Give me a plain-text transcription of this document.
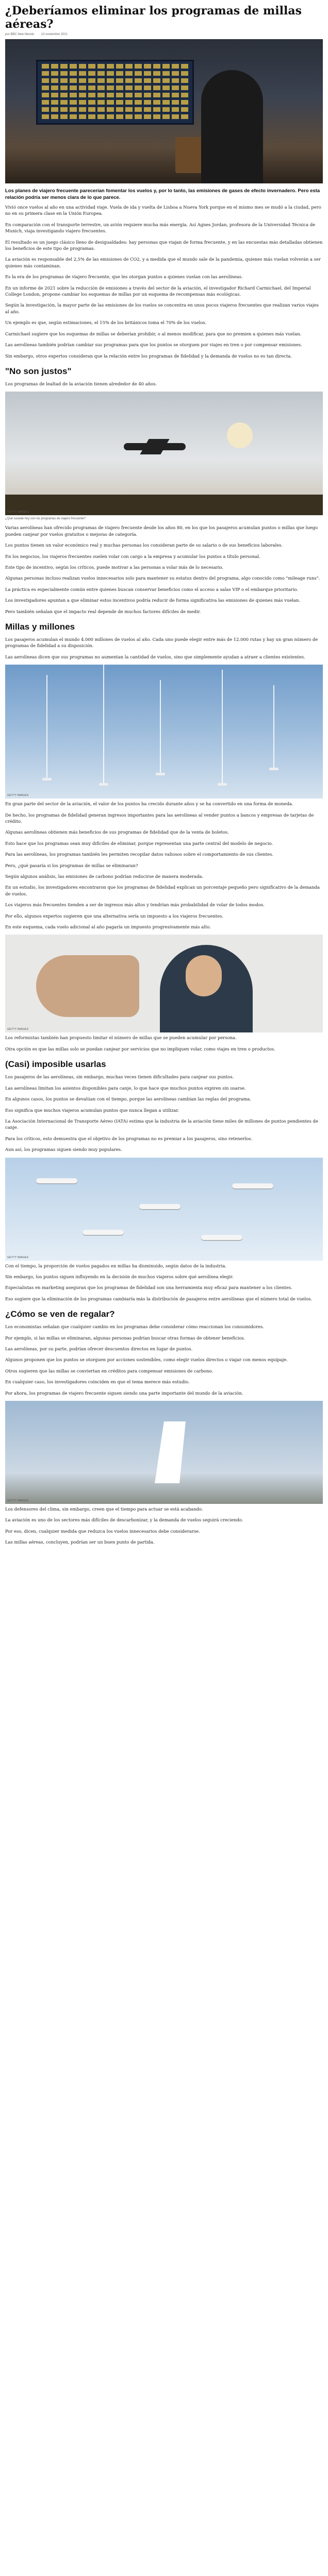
¿Deberíamos eliminar los programas de millas aéreas?
por BBC New Mundo · 13 noviembre 2021
Los planes de viajero frecuente parecerían fomentar los vuelos y, por lo tanto, las emisiones de gases de efecto invernadero. Pero esta relación podría ser menos clara de lo que parece.

Vivió once vuelos al año en una actividad viaje. Vuela de ida y vuelta de Lisboa a Nueva York porque en el mismo mes se mudó a la ciudad, pero no en su primera clase en la Unión Europea.

En comparación con el transporte terrestre, un avión requiere mucha más energía. Así Agnes Jordan, profesora de la Universidad Técnica de Munich, viaja investigando viajero frecuentes.

El resultado es un juego clásico lleno de desigualdades: hay personas que viajan de forma frecuente, y en las encuestas más detalladas obtienen los beneficios de este tipo de programas.

La aviación es responsable del 2,5% de las emisiones de CO2, y a medida que el mundo sale de la pandemia, quienes más vuelan volverán a ser quienes más contaminan.

Es la era de los programas de viajero frecuente, que les otorgan puntos a quienes vuelan con las aerolíneas.

En un informe de 2021 sobre la reducción de emisiones a través del sector de la aviación, el investigador Richard Carmichael, del Imperial College London, propone cambiar los esquemas de millas por un esquema de recompensas más ecológicas.

Según la investigación, la mayor parte de las emisiones de los vuelos se concentra en unos pocos viajeros frecuentes que realizan varios viajes al año.

Un ejemplo es que, según estimaciones, el 15% de los británicos toma el 70% de los vuelos.

Carmichael sugiere que los esquemas de millas se deberían prohibir, o al menos modificar, para que no premien a quienes más vuelan.

Las aerolíneas también podrían cambiar sus programas para que los puntos se otorguen por viajes en tren o por compensar emisiones.

Sin embargo, otros expertos consideran que la relación entre los programas de fidelidad y la demanda de vuelos no es tan directa.

"No son justos"

Los programas de lealtad de la aviación tienen alrededor de 40 años.

GETTY IMAGES
¿Qué sucede hoy con los programas de viajero frecuente?

Varias aerolíneas han ofrecido programas de viajero frecuente desde los años 80, en los que los pasajeros acumulan puntos o millas que luego pueden canjear por vuelos gratuitos o mejoras de categoría.

Los puntos tienen un valor económico real y muchas personas los consideran parte de su salario o de sus beneficios laborales.

En los negocios, los viajeros frecuentes suelen volar con cargo a la empresa y acumular los puntos a título personal.

Este tipo de incentivo, según los críticos, puede motivar a las personas a volar más de lo necesario.

Algunas personas incluso realizan vuelos innecesarios solo para mantener su estatus dentro del programa, algo conocido como "mileage runs".

La práctica es especialmente común entre quienes buscan conservar beneficios como el acceso a salas VIP o el embarque prioritario.

Los investigadores apuntan a que eliminar estos incentivos podría reducir de forma significativa las emisiones de quienes más vuelan.

Pero también señalan que el impacto real depende de muchos factores difíciles de medir.

Millas y millones

Los pasajeros acumulan el mundo 4.000 millones de vuelos al año. Cada uno puede elegir entre más de 12.000 rutas y hay un gran número de programas de fidelidad a su disposición.

Las aerolíneas dicen que sus programas no aumentan la cantidad de vuelos, sino que simplemente ayudan a atraer a clientes existentes.

GETTY IMAGES

En gran parte del sector de la aviación, el valor de los puntos ha crecido durante años y se ha convertido en una forma de moneda.

De hecho, los programas de fidelidad generan ingresos importantes para las aerolíneas al vender puntos a bancos y empresas de tarjetas de crédito.

Algunas aerolíneas obtienen más beneficios de sus programas de fidelidad que de la venta de boletos.

Esto hace que los programas sean muy difíciles de eliminar, porque representan una parte central del modelo de negocio.

Para las aerolíneas, los programas también les permiten recopilar datos valiosos sobre el comportamiento de sus clientes.

Pero, ¿qué pasaría si los programas de millas se eliminaran?

Según algunos análisis, las emisiones de carbono podrían reducirse de manera moderada.

En un estudio, los investigadores encontraron que los programas de fidelidad explican un porcentaje pequeño pero significativo de la demanda de vuelos.

Los viajeros más frecuentes tienden a ser de ingresos más altos y tendrían más probabilidad de volar de todos modos.

Por ello, algunos expertos sugieren que una alternativa sería un impuesto a los viajeros frecuentes.

En este esquema, cada vuelo adicional al año pagaría un impuesto progresivamente más alto.

GETTY IMAGES

Los reformistas también han propuesto limitar el número de millas que se pueden acumular por persona.

Otra opción es que las millas solo se puedan canjear por servicios que no impliquen volar, como viajes en tren o productos.

(Casi) imposible usarlas

Los pasajeros de las aerolíneas, sin embargo, muchas veces tienen dificultades para canjear sus puntos.

Las aerolíneas limitan los asientos disponibles para canje, lo que hace que muchos puntos expiren sin usarse.

En algunos casos, los puntos se devalúan con el tiempo, porque las aerolíneas cambian las reglas del programa.

Eso significa que muchos viajeros acumulan puntos que nunca llegan a utilizar.

La Asociación Internacional de Transporte Aéreo (IATA) estima que la industria de la aviación tiene miles de millones de puntos pendientes de canje.

Para los críticos, esto demuestra que el objetivo de los programas no es premiar a los pasajeros, sino retenerlos.

Aun así, los programas siguen siendo muy populares.

GETTY IMAGES

Con el tiempo, la proporción de vuelos pagados en millas ha disminuido, según datos de la industria.

Sin embargo, los puntos siguen influyendo en la decisión de muchos viajeros sobre qué aerolínea elegir.

Especialistas en marketing aseguran que los programas de fidelidad son una herramienta muy eficaz para mantener a los clientes.

Eso sugiere que la eliminación de los programas cambiaría más la distribución de pasajeros entre aerolíneas que el número total de vuelos.

¿Cómo se ven de regalar?

Los economistas señalan que cualquier cambio en los programas debe considerar cómo reaccionan los consumidores.

Por ejemplo, si las millas se eliminaran, algunas personas podrían buscar otras formas de obtener beneficios.

Las aerolíneas, por su parte, podrían ofrecer descuentos directos en lugar de puntos.

Algunos proponen que los puntos se otorguen por acciones sostenibles, como elegir vuelos directos o viajar con menos equipaje.

Otros sugieren que las millas se conviertan en créditos para compensar emisiones de carbono.

En cualquier caso, los investigadores coinciden en que el tema merece más estudio.

Por ahora, los programas de viajero frecuente siguen siendo una parte importante del mundo de la aviación.

GETTY IMAGES

Los defensores del clima, sin embargo, creen que el tiempo para actuar se está acabando.

La aviación es uno de los sectores más difíciles de descarbonizar, y la demanda de vuelos seguirá creciendo.

Por eso, dicen, cualquier medida que reduzca los vuelos innecesarios debe considerarse.

Las millas aéreas, concluyen, podrían ser un buen punto de partida.
